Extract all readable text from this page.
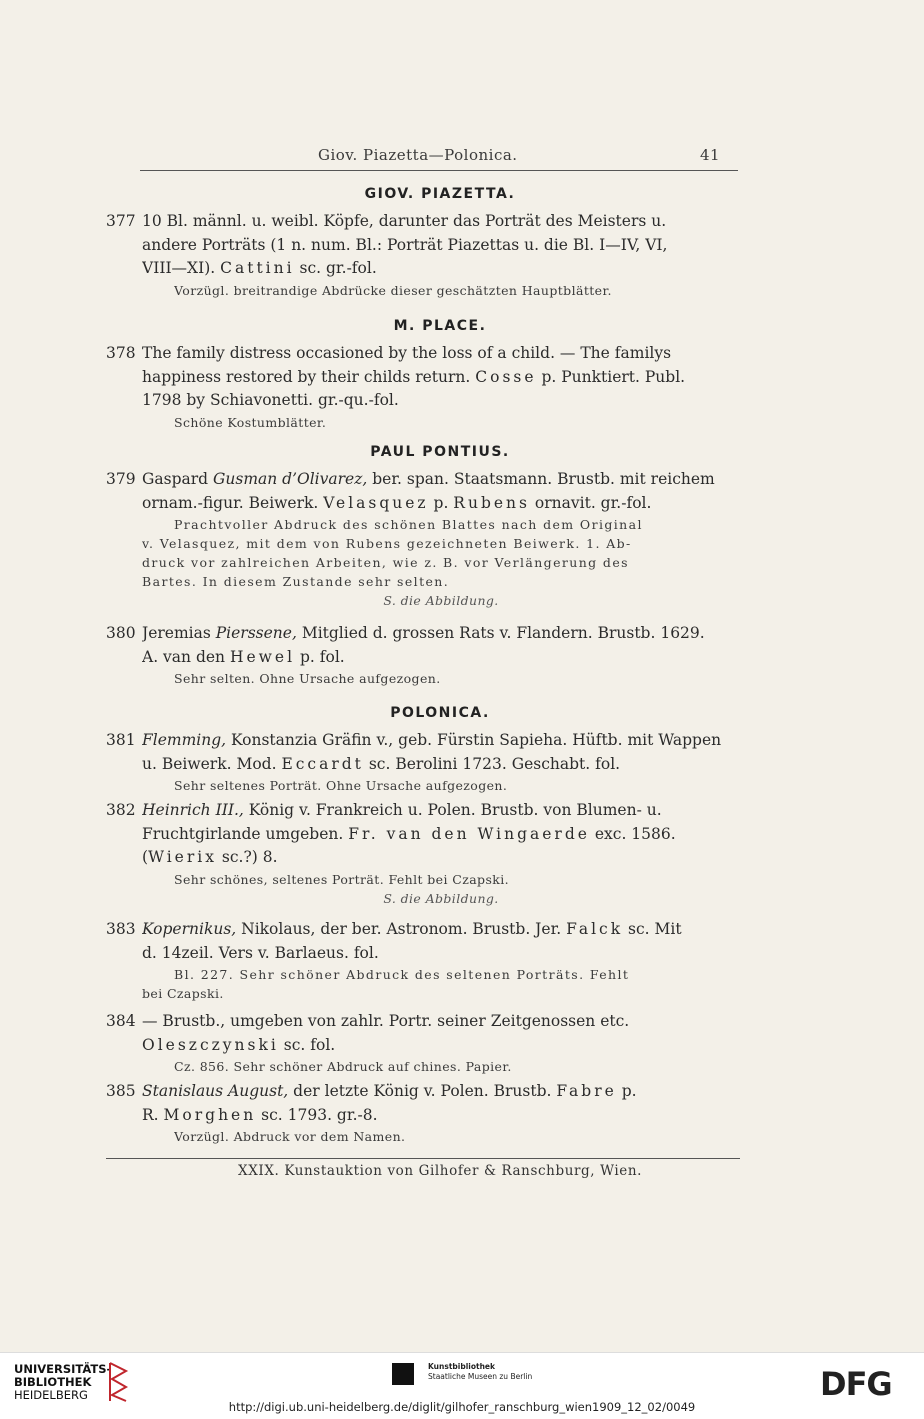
Giov. Piazetta—Polonica.	41
GIOV. PIAZETTA.
377 10 Bl. männl. u. weibl. Köpfe, darunter das Porträt des Meisters u.
andere Porträts (1 n. num. Bl.: Porträt Piazettas u. die Bl. I—IV, VI,
VIII—XI). Cattini sc. gr.-fol.
Vorzügl. breitrandige Abdrücke dieser geschätzten Hauptblätter.
M. PLACE.
378 The family distress occasioned by the loss of a child. — The familys
happiness restored by their childs return. Cosse p. Punktiert. Publ.
1798 by Schiavonetti. gr.-qu.-fol.
Schöne Kostumblätter.
PAUL PONTIUS.
379 Gaspard Gusman d’Olivarez, ber. span. Staatsmann. Brustb. mit reichem
ornam.-figur. Beiwerk. Velasquez p. Rubens ornavit. gr.-fol.
Prachtvoller Abdruck des schönen Blattes nach dem Original
v. Velasquez, mit dem von Rubens gezeichneten Beiwerk. 1. Ab-
druck vor zahlreichen Arbeiten, wie z. B. vor Verlängerung des
Bartes. In diesem Zustande sehr selten.
S. die Abbildung.
380 Jeremias Pierssene, Mitglied d. grossen Rats v. Flandern. Brustb. 1629.
A. van den Hewel p. fol.
Sehr selten. Ohne Ursache aufgezogen.
POLONICA.
381 Flemming, Konstanzia Gräfin v., geb. Fürstin Sapieha. Hüftb. mit Wappen
u. Beiwerk. Mod. Eccardt sc. Berolini 1723. Geschabt. fol.
Sehr seltenes Porträt. Ohne Ursache aufgezogen.
382 Heinrich III., König v. Frankreich u. Polen. Brustb. von Blumen- u.
Fruchtgirlande umgeben. Fr. van den Wingaerde exc. 1586.
(Wierix sc.?) 8.
Sehr schönes, seltenes Porträt. Fehlt bei Czapski.
S. die Abbildung.
383 Kopernikus, Nikolaus, der ber. Astronom. Brustb. Jer. Falck sc. Mit
d. 14zeil. Vers v. Barlaeus. fol.
Bl. 227. Sehr schöner Abdruck des seltenen Porträts. Fehlt
bei Czapski.
384 — Brustb., umgeben von zahlr. Portr. seiner Zeitgenossen etc.
Oleszczynski sc. fol.
Cz. 856. Sehr schöner Abdruck auf chines. Papier.
385 Stanislaus August, der letzte König v. Polen. Brustb. Fabre p.
R. Morghen sc. 1793. gr.-8.
Vorzügl. Abdruck vor dem Namen.
XXIX. Kunstauktion von Gilhofer & Ranschburg, Wien.
UNIVERSITÄTS-
BIBLIOTHEK
HEIDELBERG
Kunstbibliothek
Staatliche Museen zu Berlin	DFG
http://digi.ub.uni-heidelberg.de/diglit/gilhofer_ranschburg_wien1909_12_02/0049
